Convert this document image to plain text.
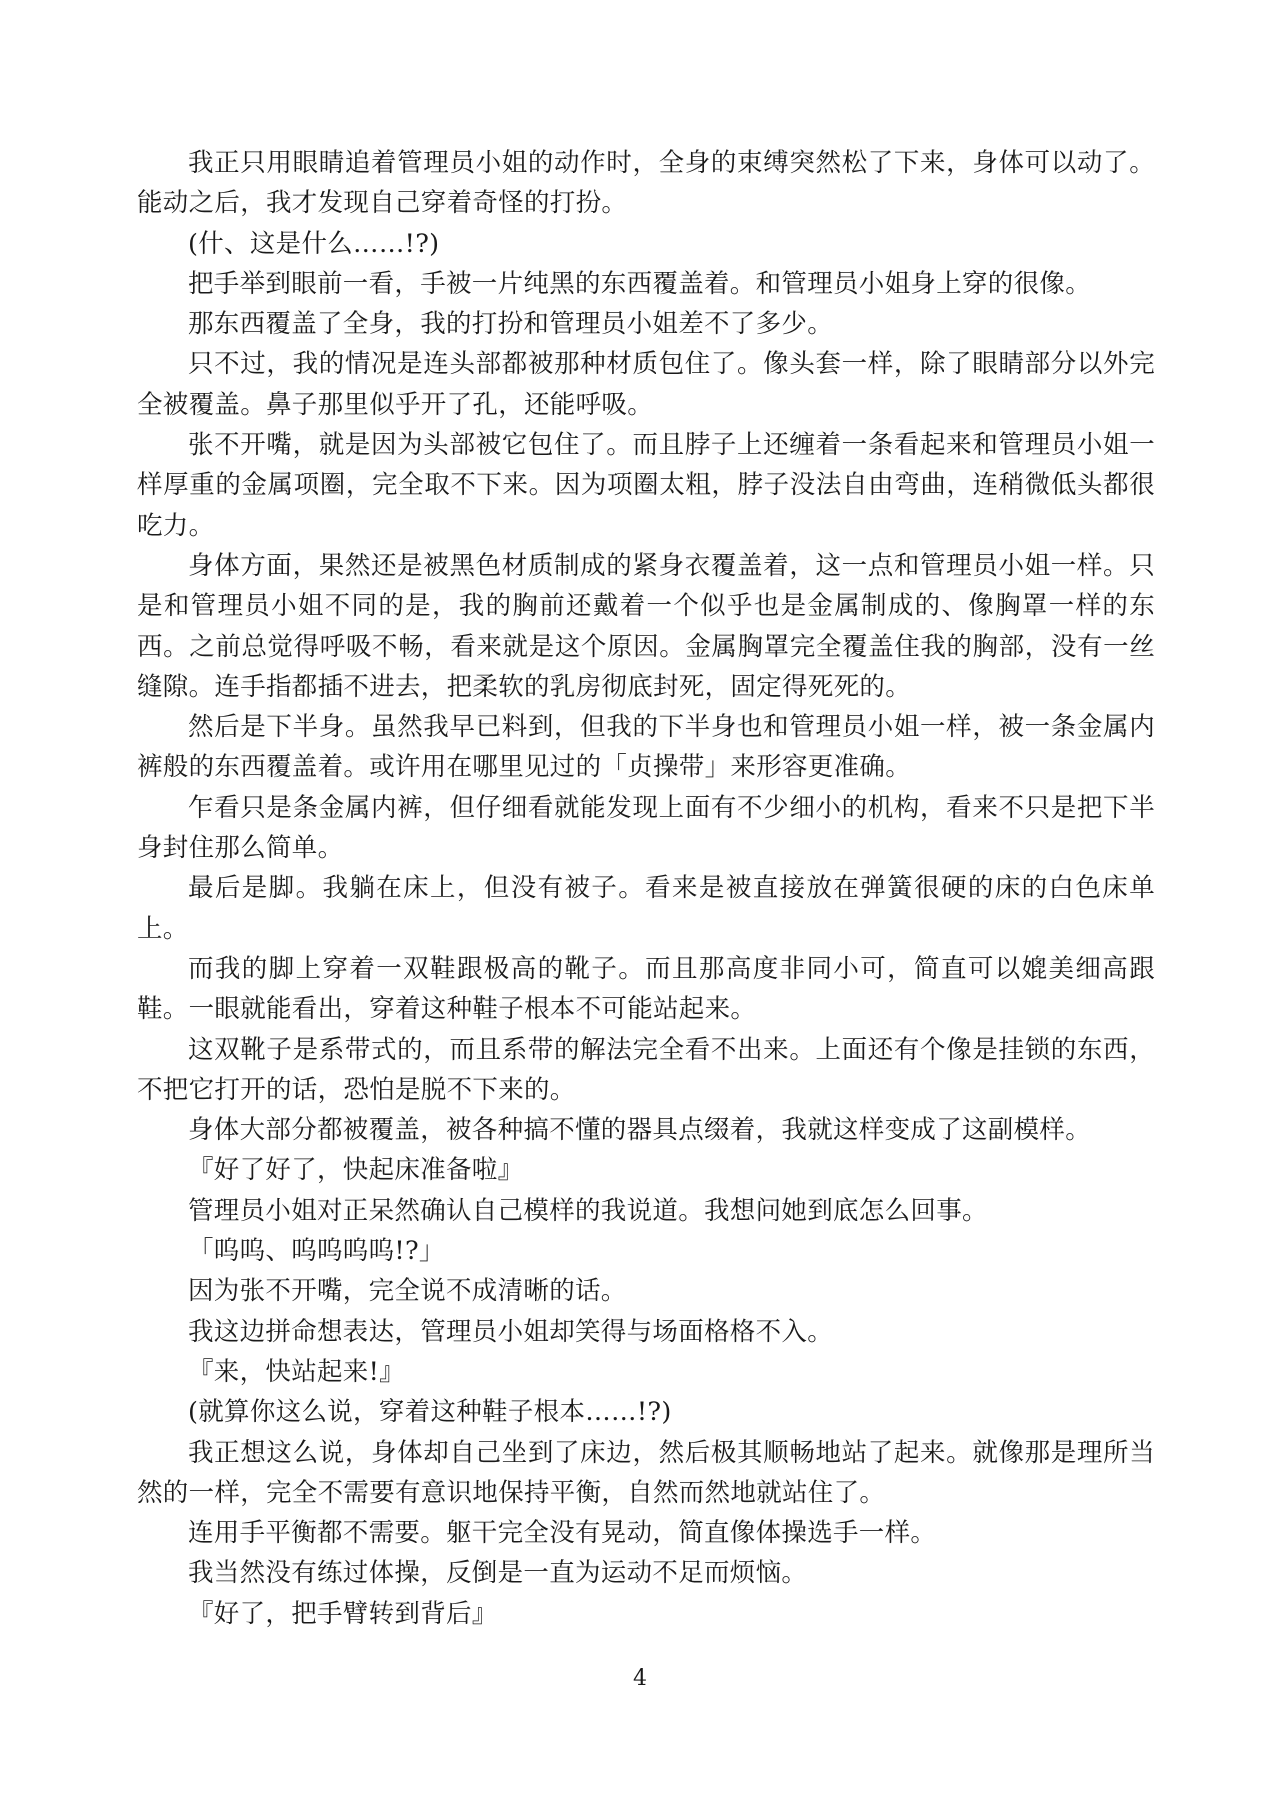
我正只用眼睛追着管理员小姐的动作时，全身的束缚突然松了下来，身体可以动了。能动之后，我才发现自己穿着奇怪的打扮。

(什、这是什么……!?)

把手举到眼前一看，手被一片纯黑的东西覆盖着。和管理员小姐身上穿的很像。

那东西覆盖了全身，我的打扮和管理员小姐差不了多少。

只不过，我的情况是连头部都被那种材质包住了。像头套一样，除了眼睛部分以外完全被覆盖。鼻子那里似乎开了孔，还能呼吸。

张不开嘴，就是因为头部被它包住了。而且脖子上还缠着一条看起来和管理员小姐一样厚重的金属项圈，完全取不下来。因为项圈太粗，脖子没法自由弯曲，连稍微低头都很吃力。

身体方面，果然还是被黑色材质制成的紧身衣覆盖着，这一点和管理员小姐一样。只是和管理员小姐不同的是，我的胸前还戴着一个似乎也是金属制成的、像胸罩一样的东西。之前总觉得呼吸不畅，看来就是这个原因。金属胸罩完全覆盖住我的胸部，没有一丝缝隙。连手指都插不进去，把柔软的乳房彻底封死，固定得死死的。

然后是下半身。虽然我早已料到，但我的下半身也和管理员小姐一样，被一条金属内裤般的东西覆盖着。或许用在哪里见过的「贞操带」来形容更准确。

乍看只是条金属内裤，但仔细看就能发现上面有不少细小的机构，看来不只是把下半身封住那么简单。

最后是脚。我躺在床上，但没有被子。看来是被直接放在弹簧很硬的床的白色床单上。

而我的脚上穿着一双鞋跟极高的靴子。而且那高度非同小可，简直可以媲美细高跟鞋。一眼就能看出，穿着这种鞋子根本不可能站起来。

这双靴子是系带式的，而且系带的解法完全看不出来。上面还有个像是挂锁的东西，不把它打开的话，恐怕是脱不下来的。

身体大部分都被覆盖，被各种搞不懂的器具点缀着，我就这样变成了这副模样。

『好了好了，快起床准备啦』

管理员小姐对正呆然确认自己模样的我说道。我想问她到底怎么回事。

「呜呜、呜呜呜呜!?」

因为张不开嘴，完全说不成清晰的话。

我这边拼命想表达，管理员小姐却笑得与场面格格不入。

『来，快站起来!』

(就算你这么说，穿着这种鞋子根本……!?)

我正想这么说，身体却自己坐到了床边，然后极其顺畅地站了起来。就像那是理所当然的一样，完全不需要有意识地保持平衡，自然而然地就站住了。

连用手平衡都不需要。躯干完全没有晃动，简直像体操选手一样。

我当然没有练过体操，反倒是一直为运动不足而烦恼。

『好了，把手臂转到背后』

4
